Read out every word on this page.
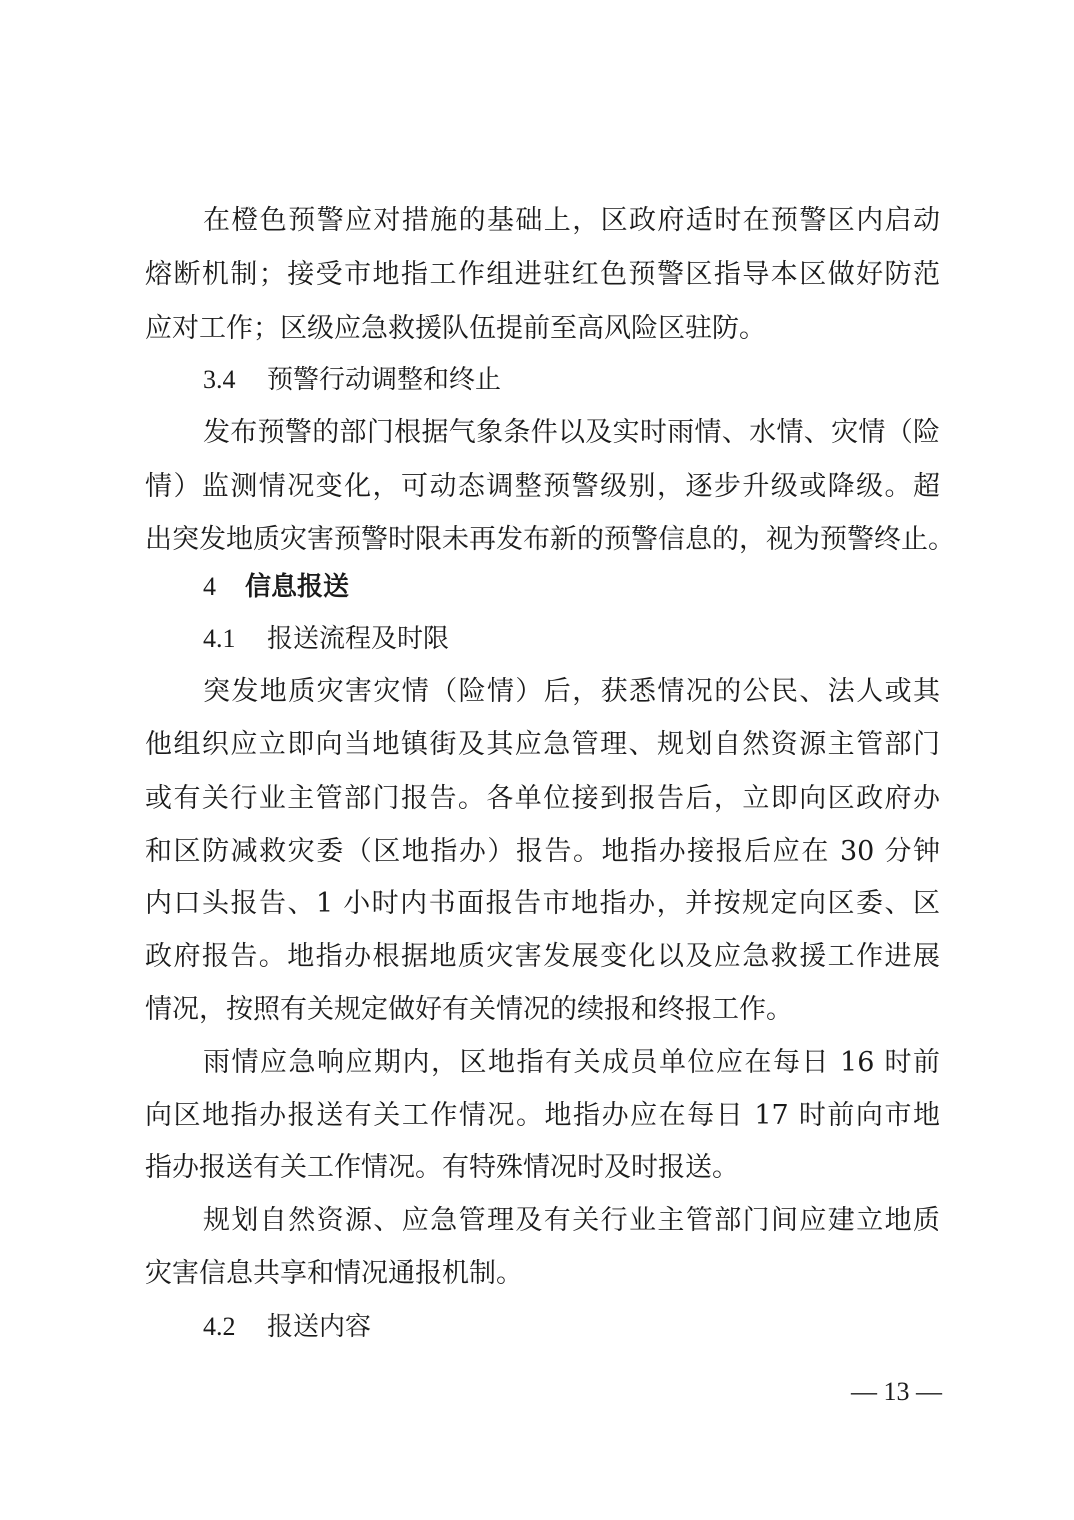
在橙色预警应对措施的基础上，区政府适时在预警区内启动
熔断机制；接受市地指工作组进驻红色预警区指导本区做好防范
应对工作；区级应急救援队伍提前至高风险区驻防。
3.4 预警行动调整和终止
发布预警的部门根据气象条件以及实时雨情、水情、灾情（险
情）监测情况变化，可动态调整预警级别，逐步升级或降级。超
出突发地质灾害预警时限未再发布新的预警信息的，视为预警终止。
4 信息报送
4.1 报送流程及时限
突发地质灾害灾情（险情）后，获悉情况的公民、法人或其
他组织应立即向当地镇街及其应急管理、规划自然资源主管部门
或有关行业主管部门报告。各单位接到报告后，立即向区政府办
和区防减救灾委（区地指办）报告。地指办接报后应在 30 分钟
内口头报告、1 小时内书面报告市地指办，并按规定向区委、区
政府报告。地指办根据地质灾害发展变化以及应急救援工作进展
情况，按照有关规定做好有关情况的续报和终报工作。
雨情应急响应期内，区地指有关成员单位应在每日 16 时前
向区地指办报送有关工作情况。地指办应在每日 17 时前向市地
指办报送有关工作情况。有特殊情况时及时报送。
规划自然资源、应急管理及有关行业主管部门间应建立地质
灾害信息共享和情况通报机制。
4.2 报送内容
— 13 —
